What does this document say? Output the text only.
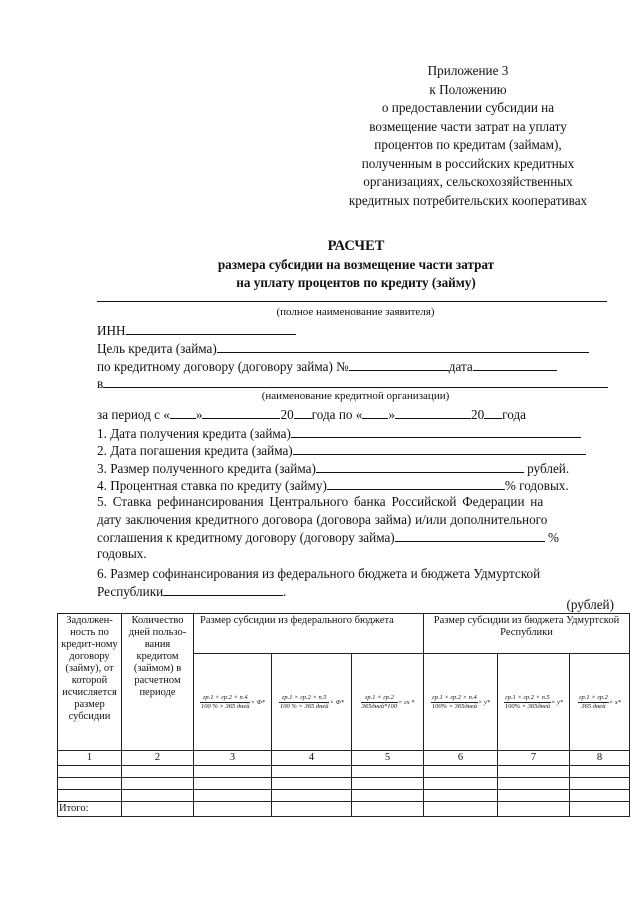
Приложение 3
к Положению
о предоставлении субсидии на
возмещение части затрат на уплату
процентов по кредитам (займам),
полученным в российских кредитных
организациях, сельскохозяйственных
кредитных потребительских кооперативах
РАСЧЕТ
размера субсидии на возмещение части затрат
на уплату процентов по кредиту (займу)
(полное наименование заявителя)
ИНН
Цель кредита (займа)
по кредитному договору (договору займа) №	дата
в
(наименование кредитной организации)
за период с « »	20 года по « »	20 года
1. Дата получения кредита (займа)
2. Дата погашения кредита (займа)
3. Размер полученного кредита (займа)	рублей.
4. Процентная ставка по кредиту (займу)	% годовых.
5. Ставка рефинансирования Центрального банка Российской Федерации на
дату заключения кредитного договора (договора займа) и/или дополнительного
соглашения к кредитному договору (договору займа)	%
годовых.
6. Размер софинансирования из федерального бюджета и бюджета Удмуртской
Республики	.
(рублей)
Задолжен-ность по кредит-ному договору (займу), от которой исчисляется размер субсидии	Количество дней пользо-вания кредитом (займом) в расчетном периоде	Размер субсидии из федерального бюджета			Размер субсидии из бюджета Удмуртской Республики		

		$\frac{гр.1 \times гр.2 \times п.4}{\text{100 \% × 365 дней}} \times Ф*$	$\frac{гр.1 \times гр.2 \times п.5}{\text{100 \% × 365 дней}} \times Ф*$	$\frac{гр.1 \times гр.2}{\text{365дней*100}}$ × гх *	$\frac{гр.1 \times гр.2 \times п.4}{\text{100\% × 365дней}} \times у*$	$\frac{гр.1 \times гр.2 \times п.5}{\text{100\% × 365дней}} \times у*$	$\frac{гр.1 \times гр.2}{\text{365 дней}} \times х*$
1	2	3	4	5	6	7	8

Итого:							
